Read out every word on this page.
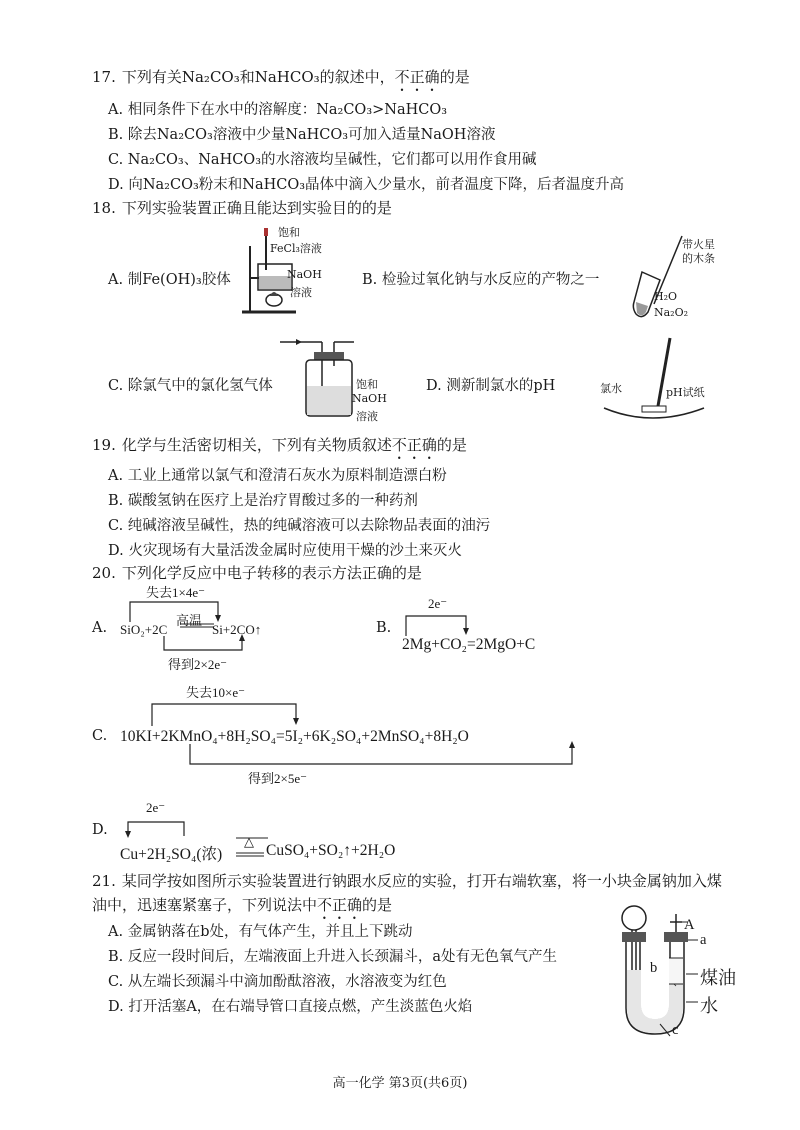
17. 下列有关Na₂CO₃和NaHCO₃的叙述中，不正确的是
A. 相同条件下在水中的溶解度：Na₂CO₃>NaHCO₃
B. 除去Na₂CO₃溶液中少量NaHCO₃可加入适量NaOH溶液
C. Na₂CO₃、NaHCO₃的水溶液均呈碱性，它们都可以用作食用碱
D. 向Na₂CO₃粉末和NaHCO₃晶体中滴入少量水，前者温度下降，后者温度升高
18. 下列实验装置正确且能达到实验目的的是
A. 制Fe(OH)₃胶体
饱和
FeCl₃溶液
NaOH
溶液
B. 检验过氧化钠与水反应的产物之一
带火星
的木条
H₂O
Na₂O₂
C. 除氯气中的氯化氢气体	饱和
NaOH
溶液
D. 测新制氯水的pH	氯水	pH试纸
19. 化学与生活密切相关，下列有关物质叙述不正确的是
A. 工业上通常以氯气和澄清石灰水为原料制造漂白粉
B. 碳酸氢钠在医疗上是治疗胃酸过多的一种药剂
C. 纯碱溶液呈碱性，热的纯碱溶液可以去除物品表面的油污
D. 火灾现场有大量活泼金属时应使用干燥的沙土来灭火
20. 下列化学反应中电子转移的表示方法正确的是
A.
失去1×4e⁻
高温
SiO₂+2C	Si+2CO↑
得到2×2e⁻
B.
2e⁻
2Mg+CO₂=2MgO+C
C.
失去10×e⁻
10KI+2KMnO₄+8H₂SO₄=5I₂+6K₂SO₄+2MnSO₄+8H₂O
得到2×5e⁻
D.
2e⁻
Cu+2H₂SO₄(浓)
△
CuSO₄+SO₂↑+2H₂O
21. 某同学按如图所示实验装置进行钠跟水反应的实验，打开右端软塞，将一小块金属钠加入煤
油中，迅速塞紧塞子，下列说法中不正确的是
A. 金属钠落在b处，有气体产生，并且上下跳动
B. 反应一段时间后，左端液面上升进入长颈漏斗，a处有无色氧气产生
C. 从左端长颈漏斗中滴加酚酞溶液，水溶液变为红色
D. 打开活塞A，在右端导管口直接点燃，产生淡蓝色火焰
A
a
b 煤油
水
c
高一化学 第3页(共6页)
